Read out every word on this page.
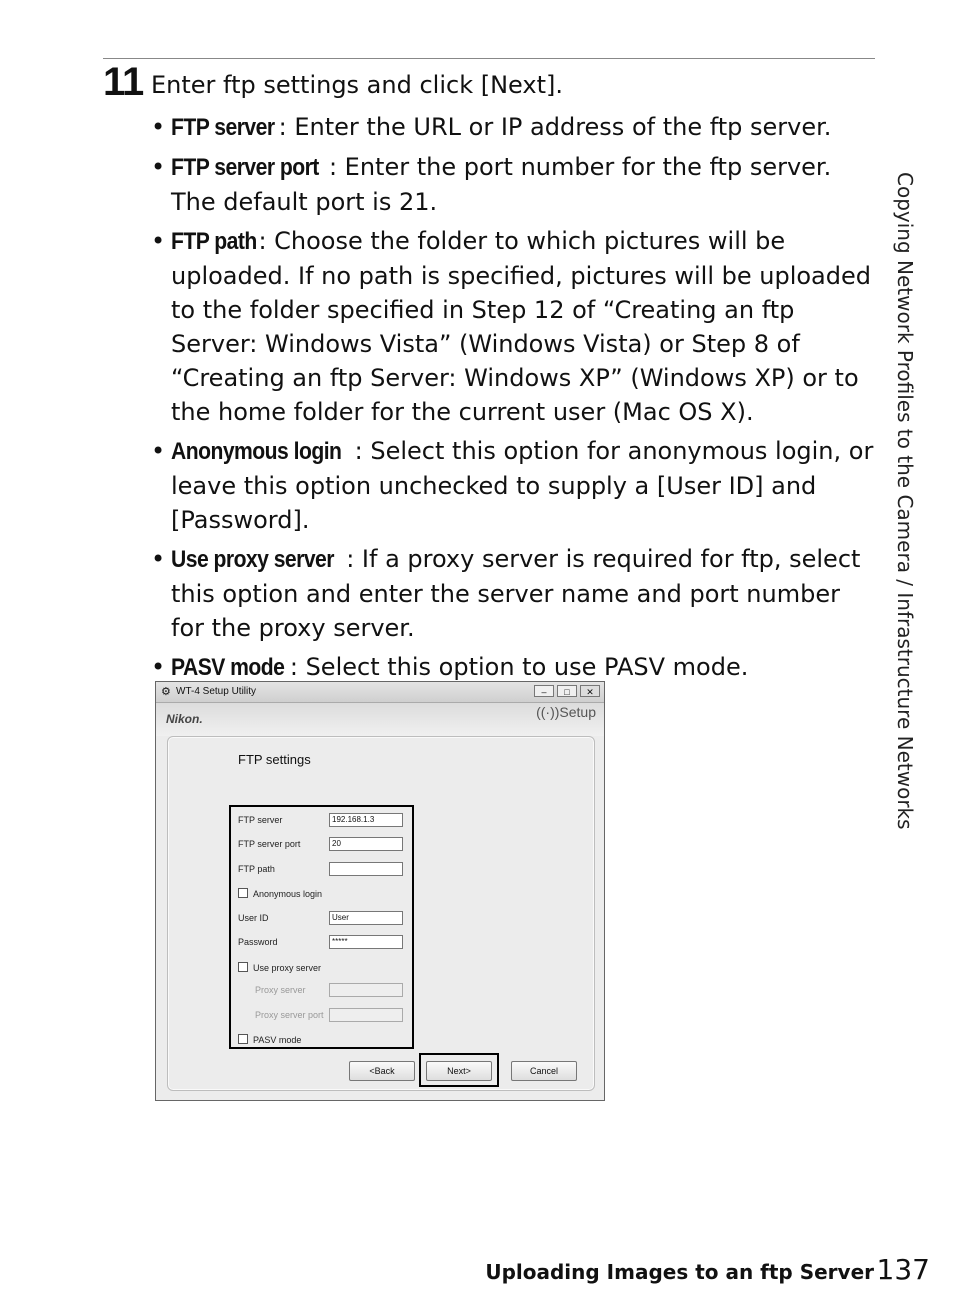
11 Enter ftp settings and click [Next].
• FTP server : Enter the URL or IP address of the ftp server.
• FTP server port : Enter the port number for the ftp server. The default port is 21.
• FTP path: Choose the folder to which pictures will be uploaded. If no path is specified, pictures will be uploaded to the folder specified in Step 12 of “Creating an ftp Server: Windows Vista” (Windows Vista) or Step 8 of “Creating an ftp Server: Windows XP” (Windows XP) or to the home folder for the current user (Mac OS X).
• Anonymous login : Select this option for anonymous login, or leave this option unchecked to supply a [User ID] and [Password].
• Use proxy server : If a proxy server is required for ftp, select this option and enter the server name and port number for the proxy server.
• PASV mode : Select this option to use PASV mode.
⚙ WT-4 Setup Utility	–	□	✕
Nikon.	((·))Setup
FTP settings
FTP server	192.168.1.3
FTP server port	20
FTP path
Anonymous login
User ID	User
Password	*****
Use proxy server
Proxy server
Proxy server port
PASV mode
<Back	Next>	Cancel
Copying Network Profiles to the Camera / Infrastructure Networks
Uploading Images to an ftp Server 137
